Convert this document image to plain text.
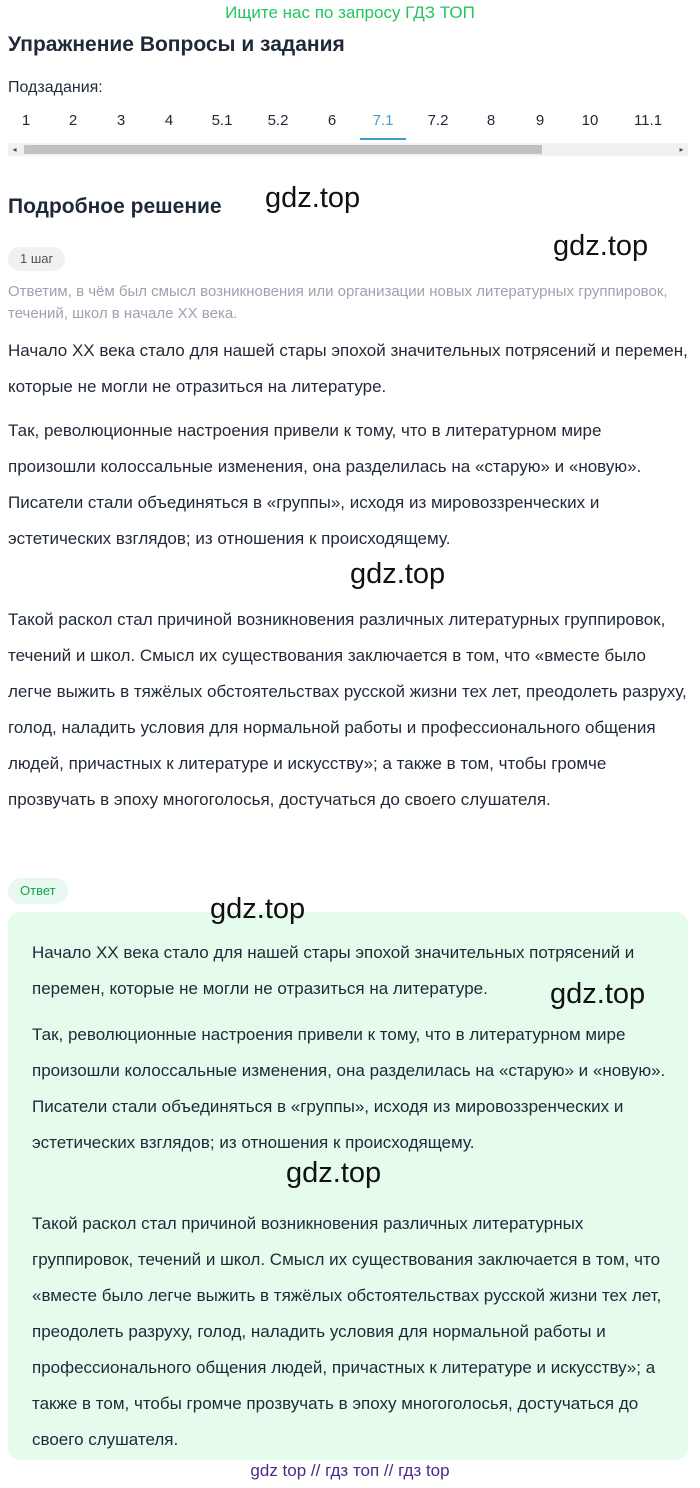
Ищите нас по запросу ГДЗ ТОП
Упражнение Вопросы и задания
Подзадания:
1	2	3	4	5.1	5.2	6	7.1	7.2	8	9	10	11.1
◂	▸
Подробное решение gdz.top
gdz.top
1 шаг

Ответим, в чём был смысл возникновения или организации новых литературных группировок, течений, школ в начале XX века.

Начало XX века стало для нашей стары эпохой значительных потрясений и перемен, которые не могли не отразиться на литературе.

Так, революционные настроения привели к тому, что в литературном мире произошли колоссальные изменения, она разделилась на «старую» и «новую». Писатели стали объединяться в «группы», исходя из мировоззренческих и эстетических взглядов; из отношения к происходящему.

gdz.top

Такой раскол стал причиной возникновения различных литературных группировок, течений и школ. Смысл их существования заключается в том, что «вместе было легче выжить в тяжёлых обстоятельствах русской жизни тех лет, преодолеть разруху, голод, наладить условия для нормальной работы и профессионального общения людей, причастных к литературе и искусству»; а также в том, чтобы громче прозвучать в эпоху многоголосья, достучаться до своего слушателя.

Ответ
gdz.top

Начало XX века стало для нашей стары эпохой значительных потрясений и перемен, которые не могли не отразиться на литературе.	gdz.top

Так, революционные настроения привели к тому, что в литературном мире произошли колоссальные изменения, она разделилась на «старую» и «новую». Писатели стали объединяться в «группы», исходя из мировоззренческих и эстетических взглядов; из отношения к происходящему.

gdz.top

Такой раскол стал причиной возникновения различных литературных группировок, течений и школ. Смысл их существования заключается в том, что «вместе было легче выжить в тяжёлых обстоятельствах русской жизни тех лет, преодолеть разруху, голод, наладить условия для нормальной работы и профессионального общения людей, причастных к литературе и искусству»; а также в том, чтобы громче прозвучать в эпоху многоголосья, достучаться до своего слушателя.

gdz top // гдз топ // гдз top
